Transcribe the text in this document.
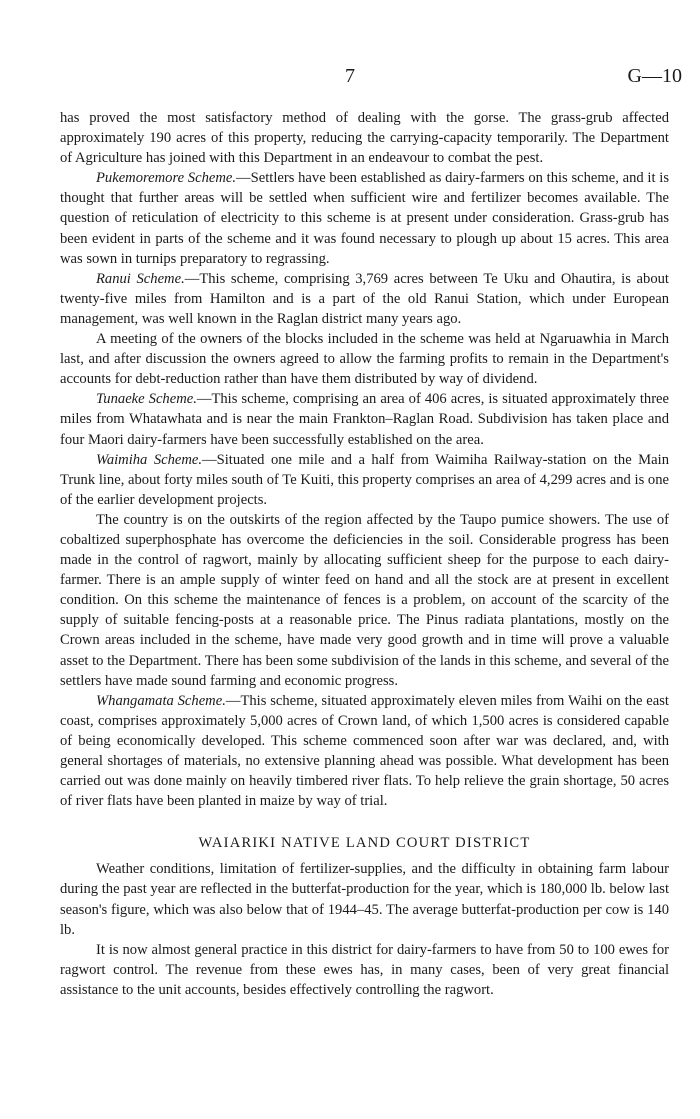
7	G—10

has proved the most satisfactory method of dealing with the gorse. The grass-grub affected approximately 190 acres of this property, reducing the carrying-capacity temporarily. The Department of Agriculture has joined with this Department in an endeavour to combat the pest.

Pukemoremore Scheme.—Settlers have been established as dairy-farmers on this scheme, and it is thought that further areas will be settled when sufficient wire and fertilizer becomes available. The question of reticulation of electricity to this scheme is at present under consideration. Grass-grub has been evident in parts of the scheme and it was found necessary to plough up about 15 acres. This area was sown in turnips preparatory to regrassing.

Ranui Scheme.—This scheme, comprising 3,769 acres between Te Uku and Ohautira, is about twenty-five miles from Hamilton and is a part of the old Ranui Station, which under European management, was well known in the Raglan district many years ago.

A meeting of the owners of the blocks included in the scheme was held at Ngaruawhia in March last, and after discussion the owners agreed to allow the farming profits to remain in the Department's accounts for debt-reduction rather than have them distributed by way of dividend.

Tunaeke Scheme.—This scheme, comprising an area of 406 acres, is situated approximately three miles from Whatawhata and is near the main Frankton–Raglan Road. Subdivision has taken place and four Maori dairy-farmers have been successfully established on the area.

Waimiha Scheme.—Situated one mile and a half from Waimiha Railway-station on the Main Trunk line, about forty miles south of Te Kuiti, this property comprises an area of 4,299 acres and is one of the earlier development projects.

The country is on the outskirts of the region affected by the Taupo pumice showers. The use of cobaltized superphosphate has overcome the deficiencies in the soil. Considerable progress has been made in the control of ragwort, mainly by allocating sufficient sheep for the purpose to each dairy-farmer. There is an ample supply of winter feed on hand and all the stock are at present in excellent condition. On this scheme the maintenance of fences is a problem, on account of the scarcity of the supply of suitable fencing-posts at a reasonable price. The Pinus radiata plantations, mostly on the Crown areas included in the scheme, have made very good growth and in time will prove a valuable asset to the Department. There has been some subdivision of the lands in this scheme, and several of the settlers have made sound farming and economic progress.

Whangamata Scheme.—This scheme, situated approximately eleven miles from Waihi on the east coast, comprises approximately 5,000 acres of Crown land, of which 1,500 acres is considered capable of being economically developed. This scheme commenced soon after war was declared, and, with general shortages of materials, no extensive planning ahead was possible. What development has been carried out was done mainly on heavily timbered river flats. To help relieve the grain shortage, 50 acres of river flats have been planted in maize by way of trial.

WAIARIKI NATIVE LAND COURT DISTRICT

Weather conditions, limitation of fertilizer-supplies, and the difficulty in obtaining farm labour during the past year are reflected in the butterfat-production for the year, which is 180,000 lb. below last season's figure, which was also below that of 1944–45. The average butterfat-production per cow is 140 lb.

It is now almost general practice in this district for dairy-farmers to have from 50 to 100 ewes for ragwort control. The revenue from these ewes has, in many cases, been of very great financial assistance to the unit accounts, besides effectively controlling the ragwort.
